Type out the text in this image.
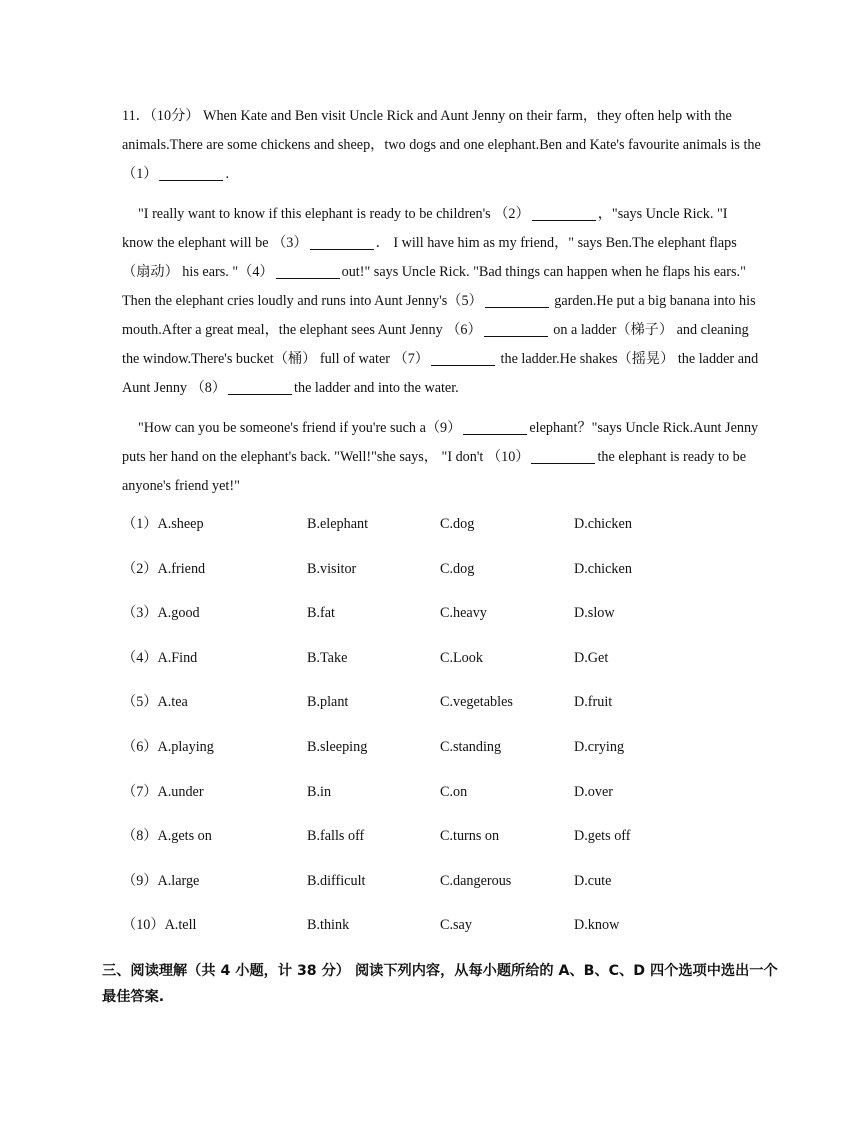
11．（10分） When Kate and Ben visit Uncle Rick and Aunt Jenny on their farm，they often help with the animals.There are some chickens and sheep，two dogs and one elephant.Ben and Kate's favourite animals is the （1）	.
"I really want to know if this elephant is ready to be children's （2）	，"says Uncle Rick. "I know the elephant will be （3）	． I will have him as my friend，" says Ben.The elephant flaps（扇动） his ears. "（4）	out!" says Uncle Rick. "Bad things can happen when he flaps his ears." Then the elephant cries loudly and runs into Aunt Jenny's（5）	garden.He put a big banana into his mouth.After a great meal，the elephant sees Aunt Jenny （6）	on a ladder（梯子） and cleaning the window.There's bucket（桶） full of water （7）	the ladder.He shakes（摇晃） the ladder and Aunt Jenny （8）	the ladder and into the water.
"How can you be someone's friend if you're such a（9）	elephant？"says Uncle Rick.Aunt Jenny puts her hand on the elephant's back. "Well!"she says， "I don't （10）	the elephant is ready to be anyone's friend yet!"
（1）A.sheep	B.elephant	C.dog	D.chicken
（2）A.friend	B.visitor	C.dog	D.chicken
（3）A.good	B.fat	C.heavy	D.slow
（4）A.Find	B.Take	C.Look	D.Get
（5）A.tea	B.plant	C.vegetables	D.fruit
（6）A.playing	B.sleeping	C.standing	D.crying
（7）A.under	B.in	C.on	D.over
（8）A.gets on	B.falls off	C.turns on	D.gets off
（9）A.large	B.difficult	C.dangerous	D.cute
（10）A.tell	B.think	C.say	D.know
三、阅读理解（共 4 小题，计 38 分） 阅读下列内容，从每小题所给的 A、B、C、D 四个选项中选出一个最佳答案.
